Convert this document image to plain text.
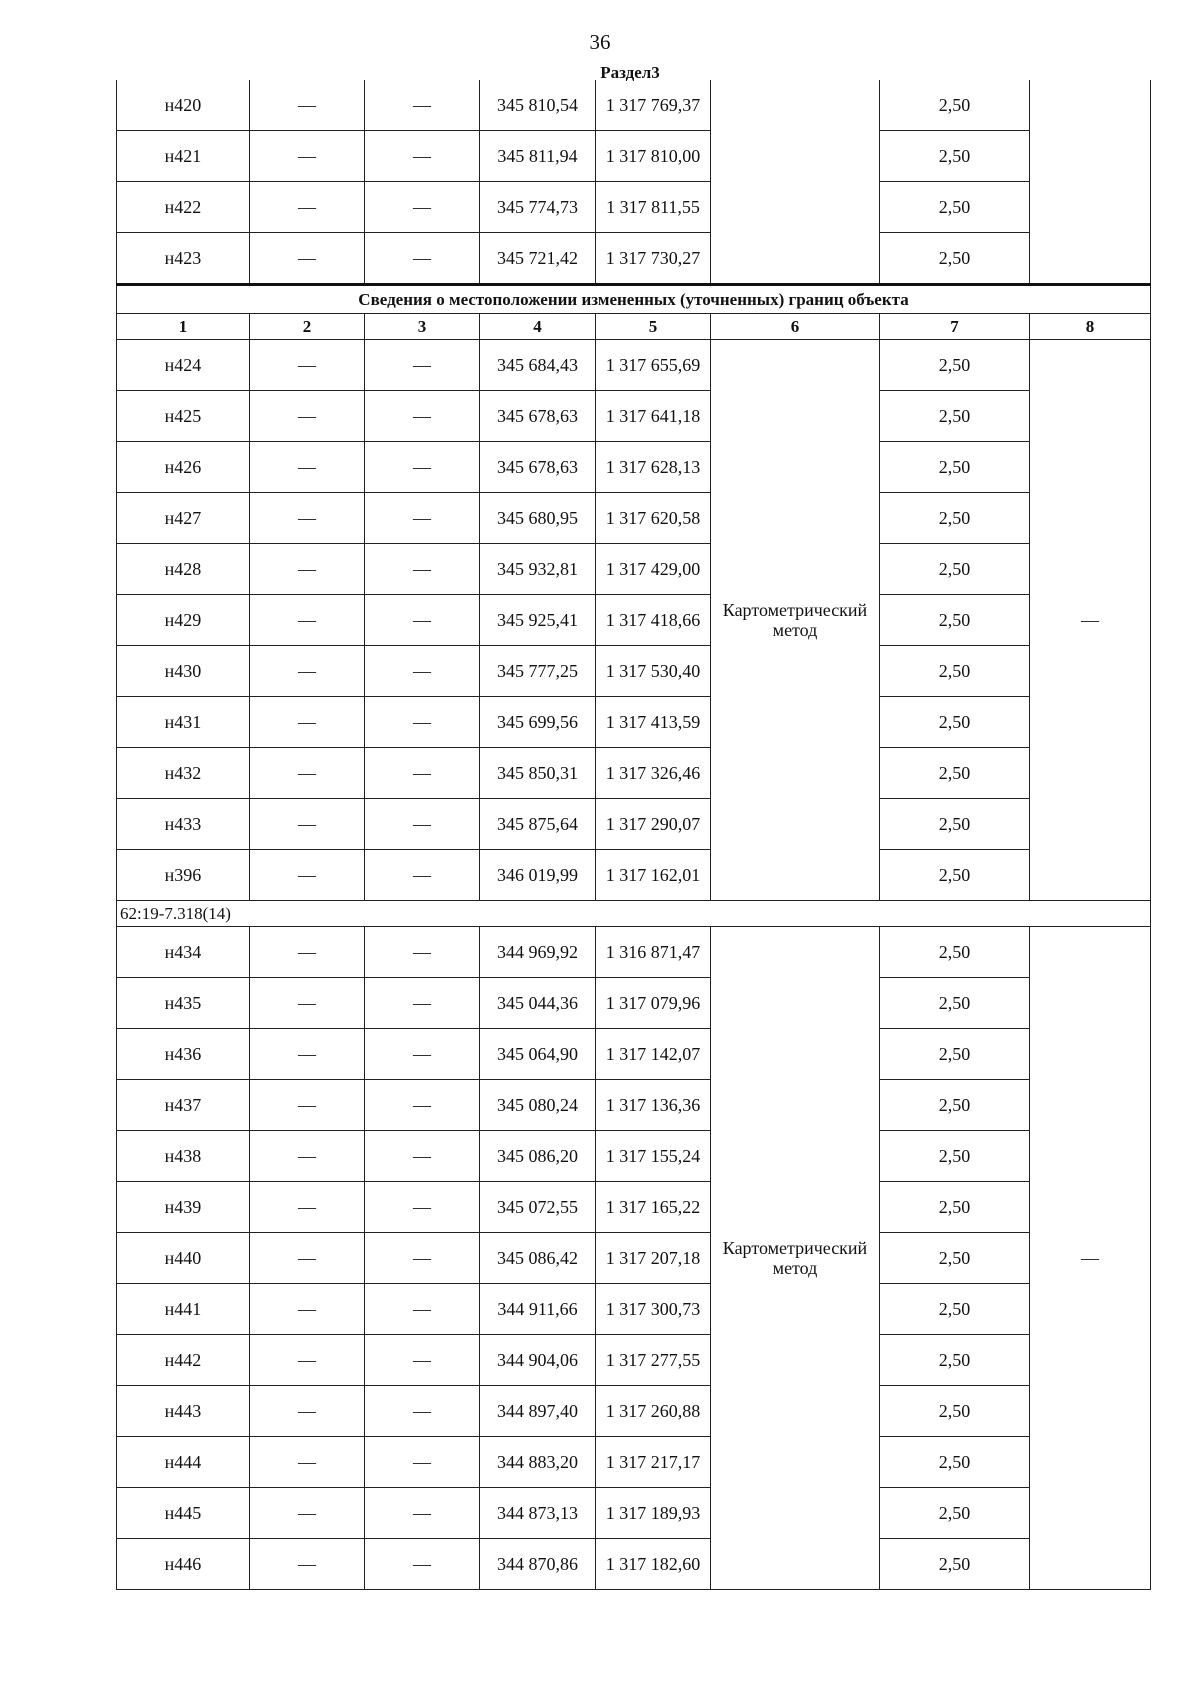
36
Раздел3
н420	—	—	345 810,54	1 317 769,37		2,50	
н421	—	—	345 811,94	1 317 810,00		2,50	
н422	—	—	345 774,73	1 317 811,55		2,50	
н423	—	—	345 721,42	1 317 730,27		2,50	
Сведения о местоположении измененных (уточненных) границ объекта							
1	2	3	4	5	6	7	8
н424	—	—	345 684,43	1 317 655,69	Картометрический метод	2,50	—
н425	—	—	345 678,63	1 317 641,18		2,50	
н426	—	—	345 678,63	1 317 628,13		2,50	
н427	—	—	345 680,95	1 317 620,58		2,50	
н428	—	—	345 932,81	1 317 429,00		2,50	
н429	—	—	345 925,41	1 317 418,66		2,50	
н430	—	—	345 777,25	1 317 530,40		2,50	
н431	—	—	345 699,56	1 317 413,59		2,50	
н432	—	—	345 850,31	1 317 326,46		2,50	
н433	—	—	345 875,64	1 317 290,07		2,50	
н396	—	—	346 019,99	1 317 162,01		2,50	
62:19-7.318(14)							
н434	—	—	344 969,92	1 316 871,47	Картометрический метод	2,50	—
н435	—	—	345 044,36	1 317 079,96		2,50	
н436	—	—	345 064,90	1 317 142,07		2,50	
н437	—	—	345 080,24	1 317 136,36		2,50	
н438	—	—	345 086,20	1 317 155,24		2,50	
н439	—	—	345 072,55	1 317 165,22		2,50	
н440	—	—	345 086,42	1 317 207,18		2,50	
н441	—	—	344 911,66	1 317 300,73		2,50	
н442	—	—	344 904,06	1 317 277,55		2,50	
н443	—	—	344 897,40	1 317 260,88		2,50	
н444	—	—	344 883,20	1 317 217,17		2,50	
н445	—	—	344 873,13	1 317 189,93		2,50	
н446	—	—	344 870,86	1 317 182,60		2,50	
